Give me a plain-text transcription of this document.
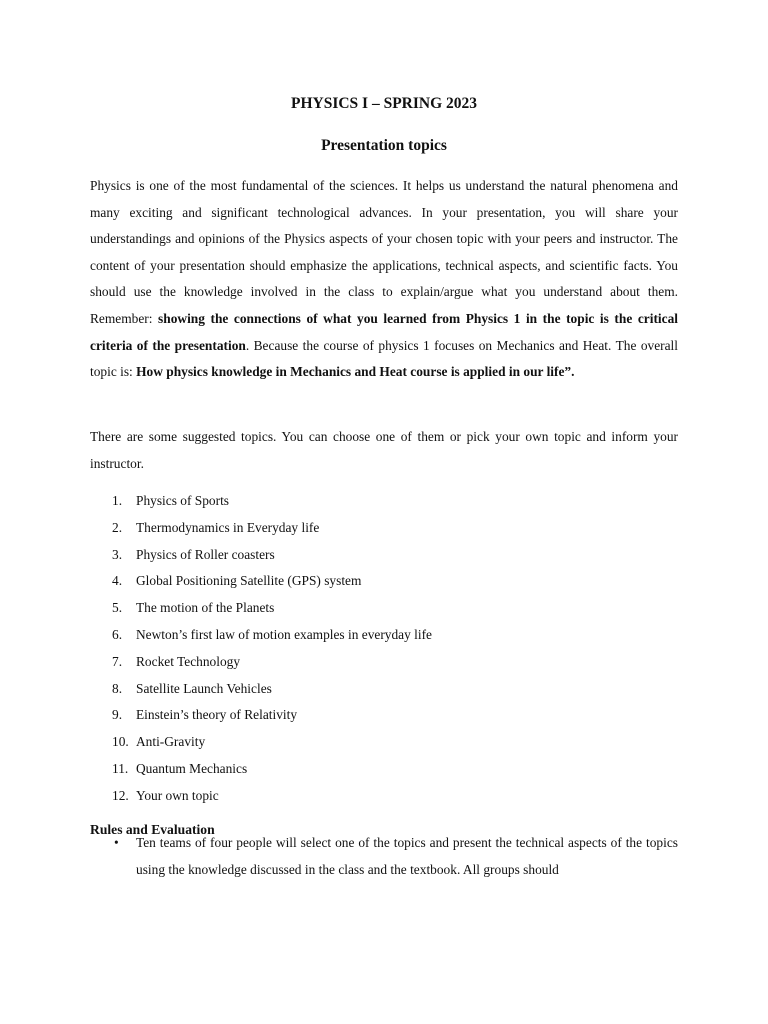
PHYSICS I – SPRING 2023
Presentation topics
Physics is one of the most fundamental of the sciences. It helps us understand the natural phenomena and many exciting and significant technological advances. In your presentation, you will share your understandings and opinions of the Physics aspects of your chosen topic with your peers and instructor. The content of your presentation should emphasize the applications, technical aspects, and scientific facts. You should use the knowledge involved in the class to explain/argue what you understand about them. Remember: showing the connections of what you learned from Physics 1 in the topic is the critical criteria of the presentation. Because the course of physics 1 focuses on Mechanics and Heat. The overall topic is: How physics knowledge in Mechanics and Heat course is applied in our life”.
There are some suggested topics. You can choose one of them or pick your own topic and inform your instructor.
1. Physics of Sports
2. Thermodynamics in Everyday life
3. Physics of Roller coasters
4. Global Positioning Satellite (GPS) system
5. The motion of the Planets
6. Newton’s first law of motion examples in everyday life
7. Rocket Technology
8. Satellite Launch Vehicles
9. Einstein’s theory of Relativity
10. Anti-Gravity
11. Quantum Mechanics
12. Your own topic
Rules and Evaluation
• Ten teams of four people will select one of the topics and present the technical aspects of the topics using the knowledge discussed in the class and the textbook. All groups should
